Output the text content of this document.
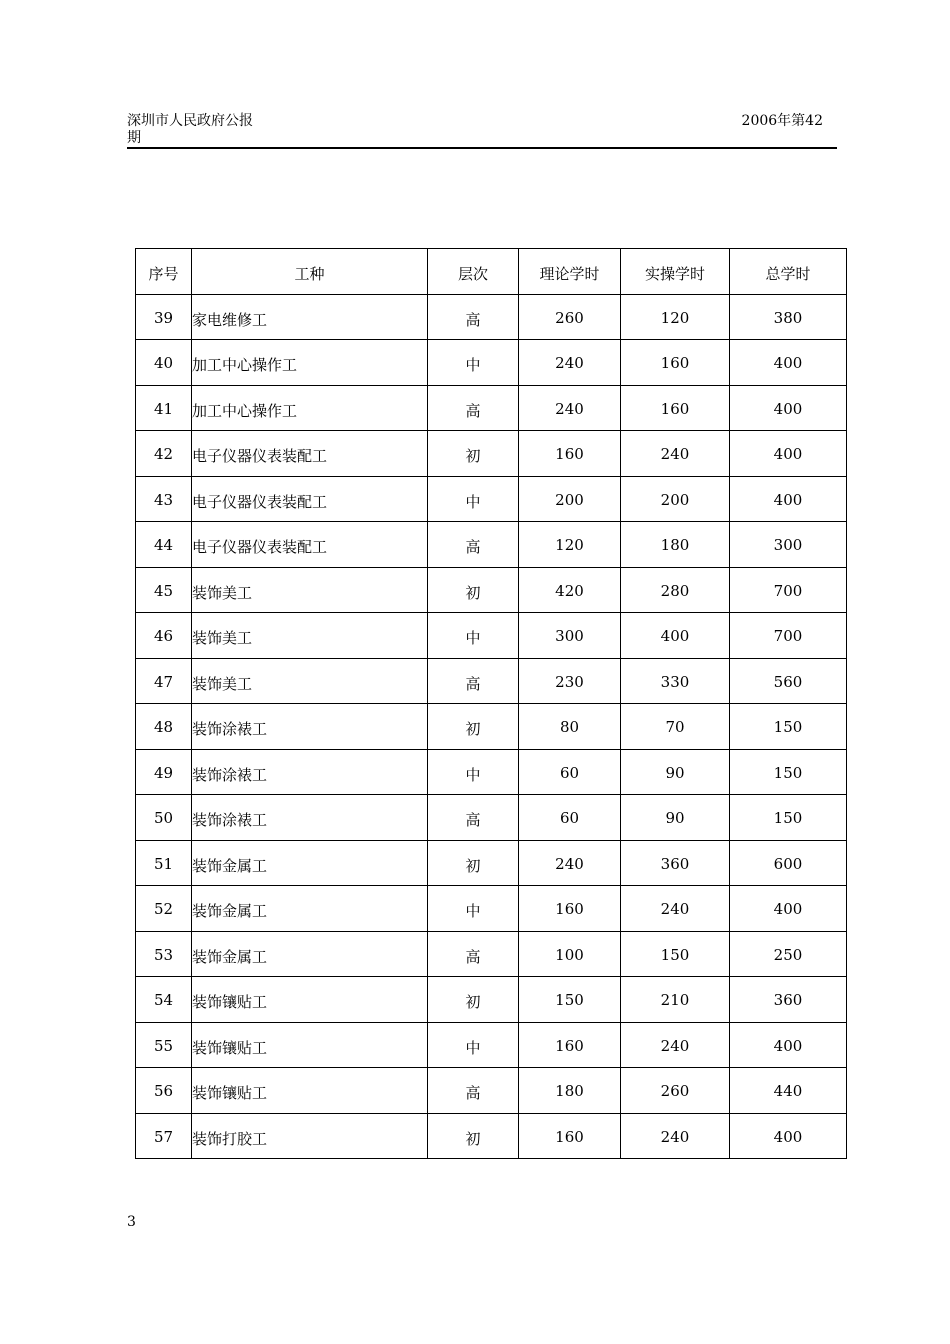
深圳市人民政府公报
期
2006年第42
序号	工种	层次	理论学时	实操学时	总学时
39	家电维修工	高	260	120	380
40	加工中心操作工	中	240	160	400
41	加工中心操作工	高	240	160	400
42	电子仪器仪表装配工	初	160	240	400
43	电子仪器仪表装配工	中	200	200	400
44	电子仪器仪表装配工	高	120	180	300
45	装饰美工	初	420	280	700
46	装饰美工	中	300	400	700
47	装饰美工	高	230	330	560
48	装饰涂裱工	初	80	70	150
49	装饰涂裱工	中	60	90	150
50	装饰涂裱工	高	60	90	150
51	装饰金属工	初	240	360	600
52	装饰金属工	中	160	240	400
53	装饰金属工	高	100	150	250
54	装饰镶贴工	初	150	210	360
55	装饰镶贴工	中	160	240	400
56	装饰镶贴工	高	180	260	440
57	装饰打胶工	初	160	240	400
3
